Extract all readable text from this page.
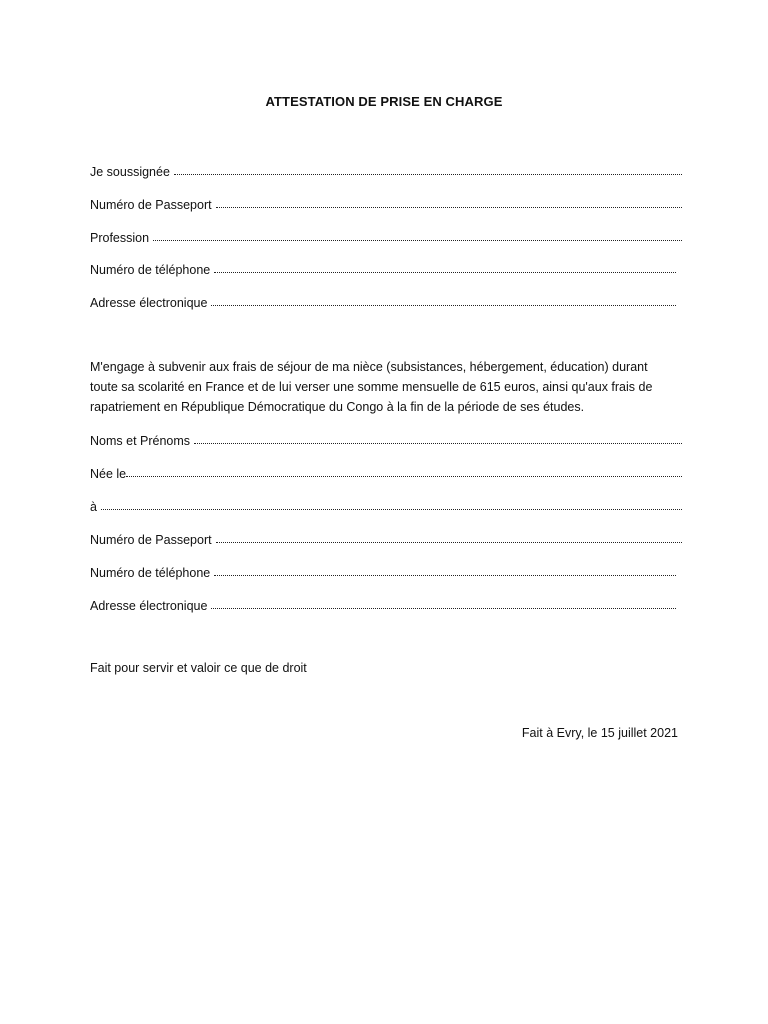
ATTESTATION DE PRISE EN CHARGE
Je soussignée
Numéro de Passeport
Profession
Numéro de téléphone
Adresse électronique
M'engage à subvenir aux frais de séjour de ma nièce (subsistances, hébergement, éducation) durant
toute sa scolarité en France et de lui verser une somme mensuelle de 615 euros, ainsi qu'aux frais de
rapatriement en République Démocratique du Congo à la fin de la période de ses études.
Noms et Prénoms
Née le
à
Numéro de Passeport
Numéro de téléphone
Adresse électronique
Fait pour servir et valoir ce que de droit
Fait à Evry, le 15 juillet 2021
